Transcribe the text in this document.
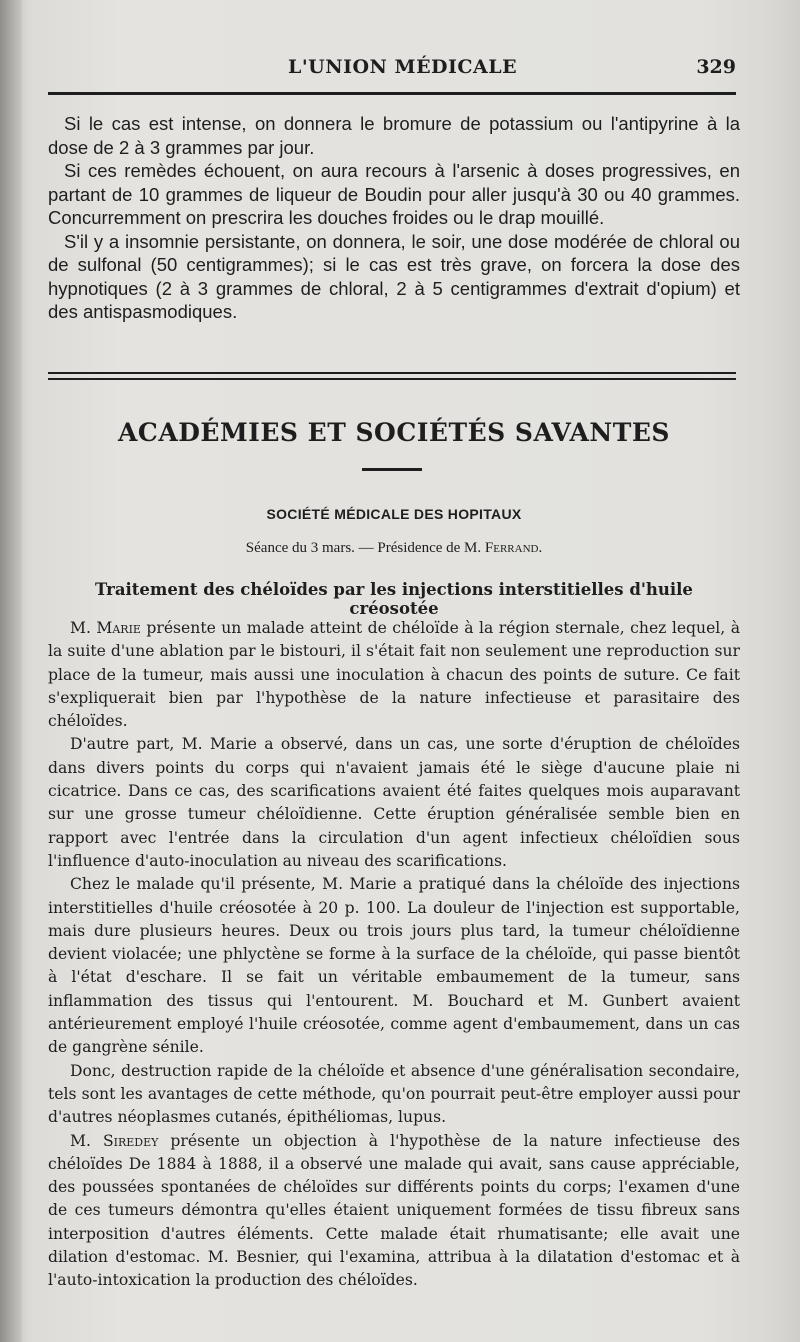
L'UNION MÉDICALE	329

Si le cas est intense, on donnera le bromure de potassium ou l'antipyrine à la dose de 2 à 3 grammes par jour.

Si ces remèdes échouent, on aura recours à l'arsenic à doses progressives, en partant de 10 grammes de liqueur de Boudin pour aller jusqu'à 30 ou 40 grammes. Concurremment on prescrira les douches froides ou le drap mouillé.

S'il y a insomnie persistante, on donnera, le soir, une dose modérée de chloral ou de sulfonal (50 centigrammes); si le cas est très grave, on forcera la dose des hypnotiques (2 à 3 grammes de chloral, 2 à 5 centigrammes d'extrait d'opium) et des antispasmodiques.

ACADÉMIES ET SOCIÉTÉS SAVANTES
SOCIÉTÉ MÉDICALE DES HOPITAUX
Séance du 3 mars. — Présidence de M. Ferrand.
Traitement des chéloïdes par les injections interstitielles d'huile créosotée

M. Marie présente un malade atteint de chéloïde à la région sternale, chez lequel, à la suite d'une ablation par le bistouri, il s'était fait non seulement une reproduction sur place de la tumeur, mais aussi une inoculation à chacun des points de suture. Ce fait s'expliquerait bien par l'hypothèse de la nature infectieuse et parasitaire des chéloïdes.

D'autre part, M. Marie a observé, dans un cas, une sorte d'éruption de chéloïdes dans divers points du corps qui n'avaient jamais été le siège d'aucune plaie ni cicatrice. Dans ce cas, des scarifications avaient été faites quelques mois auparavant sur une grosse tumeur chéloïdienne. Cette éruption généralisée semble bien en rapport avec l'entrée dans la circulation d'un agent infectieux chéloïdien sous l'influence d'auto-inoculation au niveau des scarifications.

Chez le malade qu'il présente, M. Marie a pratiqué dans la chéloïde des injections interstitielles d'huile créosotée à 20 p. 100. La douleur de l'injection est supportable, mais dure plusieurs heures. Deux ou trois jours plus tard, la tumeur chéloïdienne devient violacée; une phlyctène se forme à la surface de la chéloïde, qui passe bientôt à l'état d'eschare. Il se fait un véritable embaumement de la tumeur, sans inflammation des tissus qui l'entourent. M. Bouchard et M. Gunbert avaient antérieurement employé l'huile créosotée, comme agent d'embaumement, dans un cas de gangrène sénile.

Donc, destruction rapide de la chéloïde et absence d'une généralisation secondaire, tels sont les avantages de cette méthode, qu'on pourrait peut-être employer aussi pour d'autres néoplasmes cutanés, épithéliomas, lupus.

M. Siredey présente un objection à l'hypothèse de la nature infectieuse des chéloïdes De 1884 à 1888, il a observé une malade qui avait, sans cause appréciable, des poussées spontanées de chéloïdes sur différents points du corps; l'examen d'une de ces tumeurs démontra qu'elles étaient uniquement formées de tissu fibreux sans interposition d'autres éléments. Cette malade était rhumatisante; elle avait une dilation d'estomac. M. Besnier, qui l'examina, attribua à la dilatation d'estomac et à l'auto-intoxication la production des chéloïdes.
